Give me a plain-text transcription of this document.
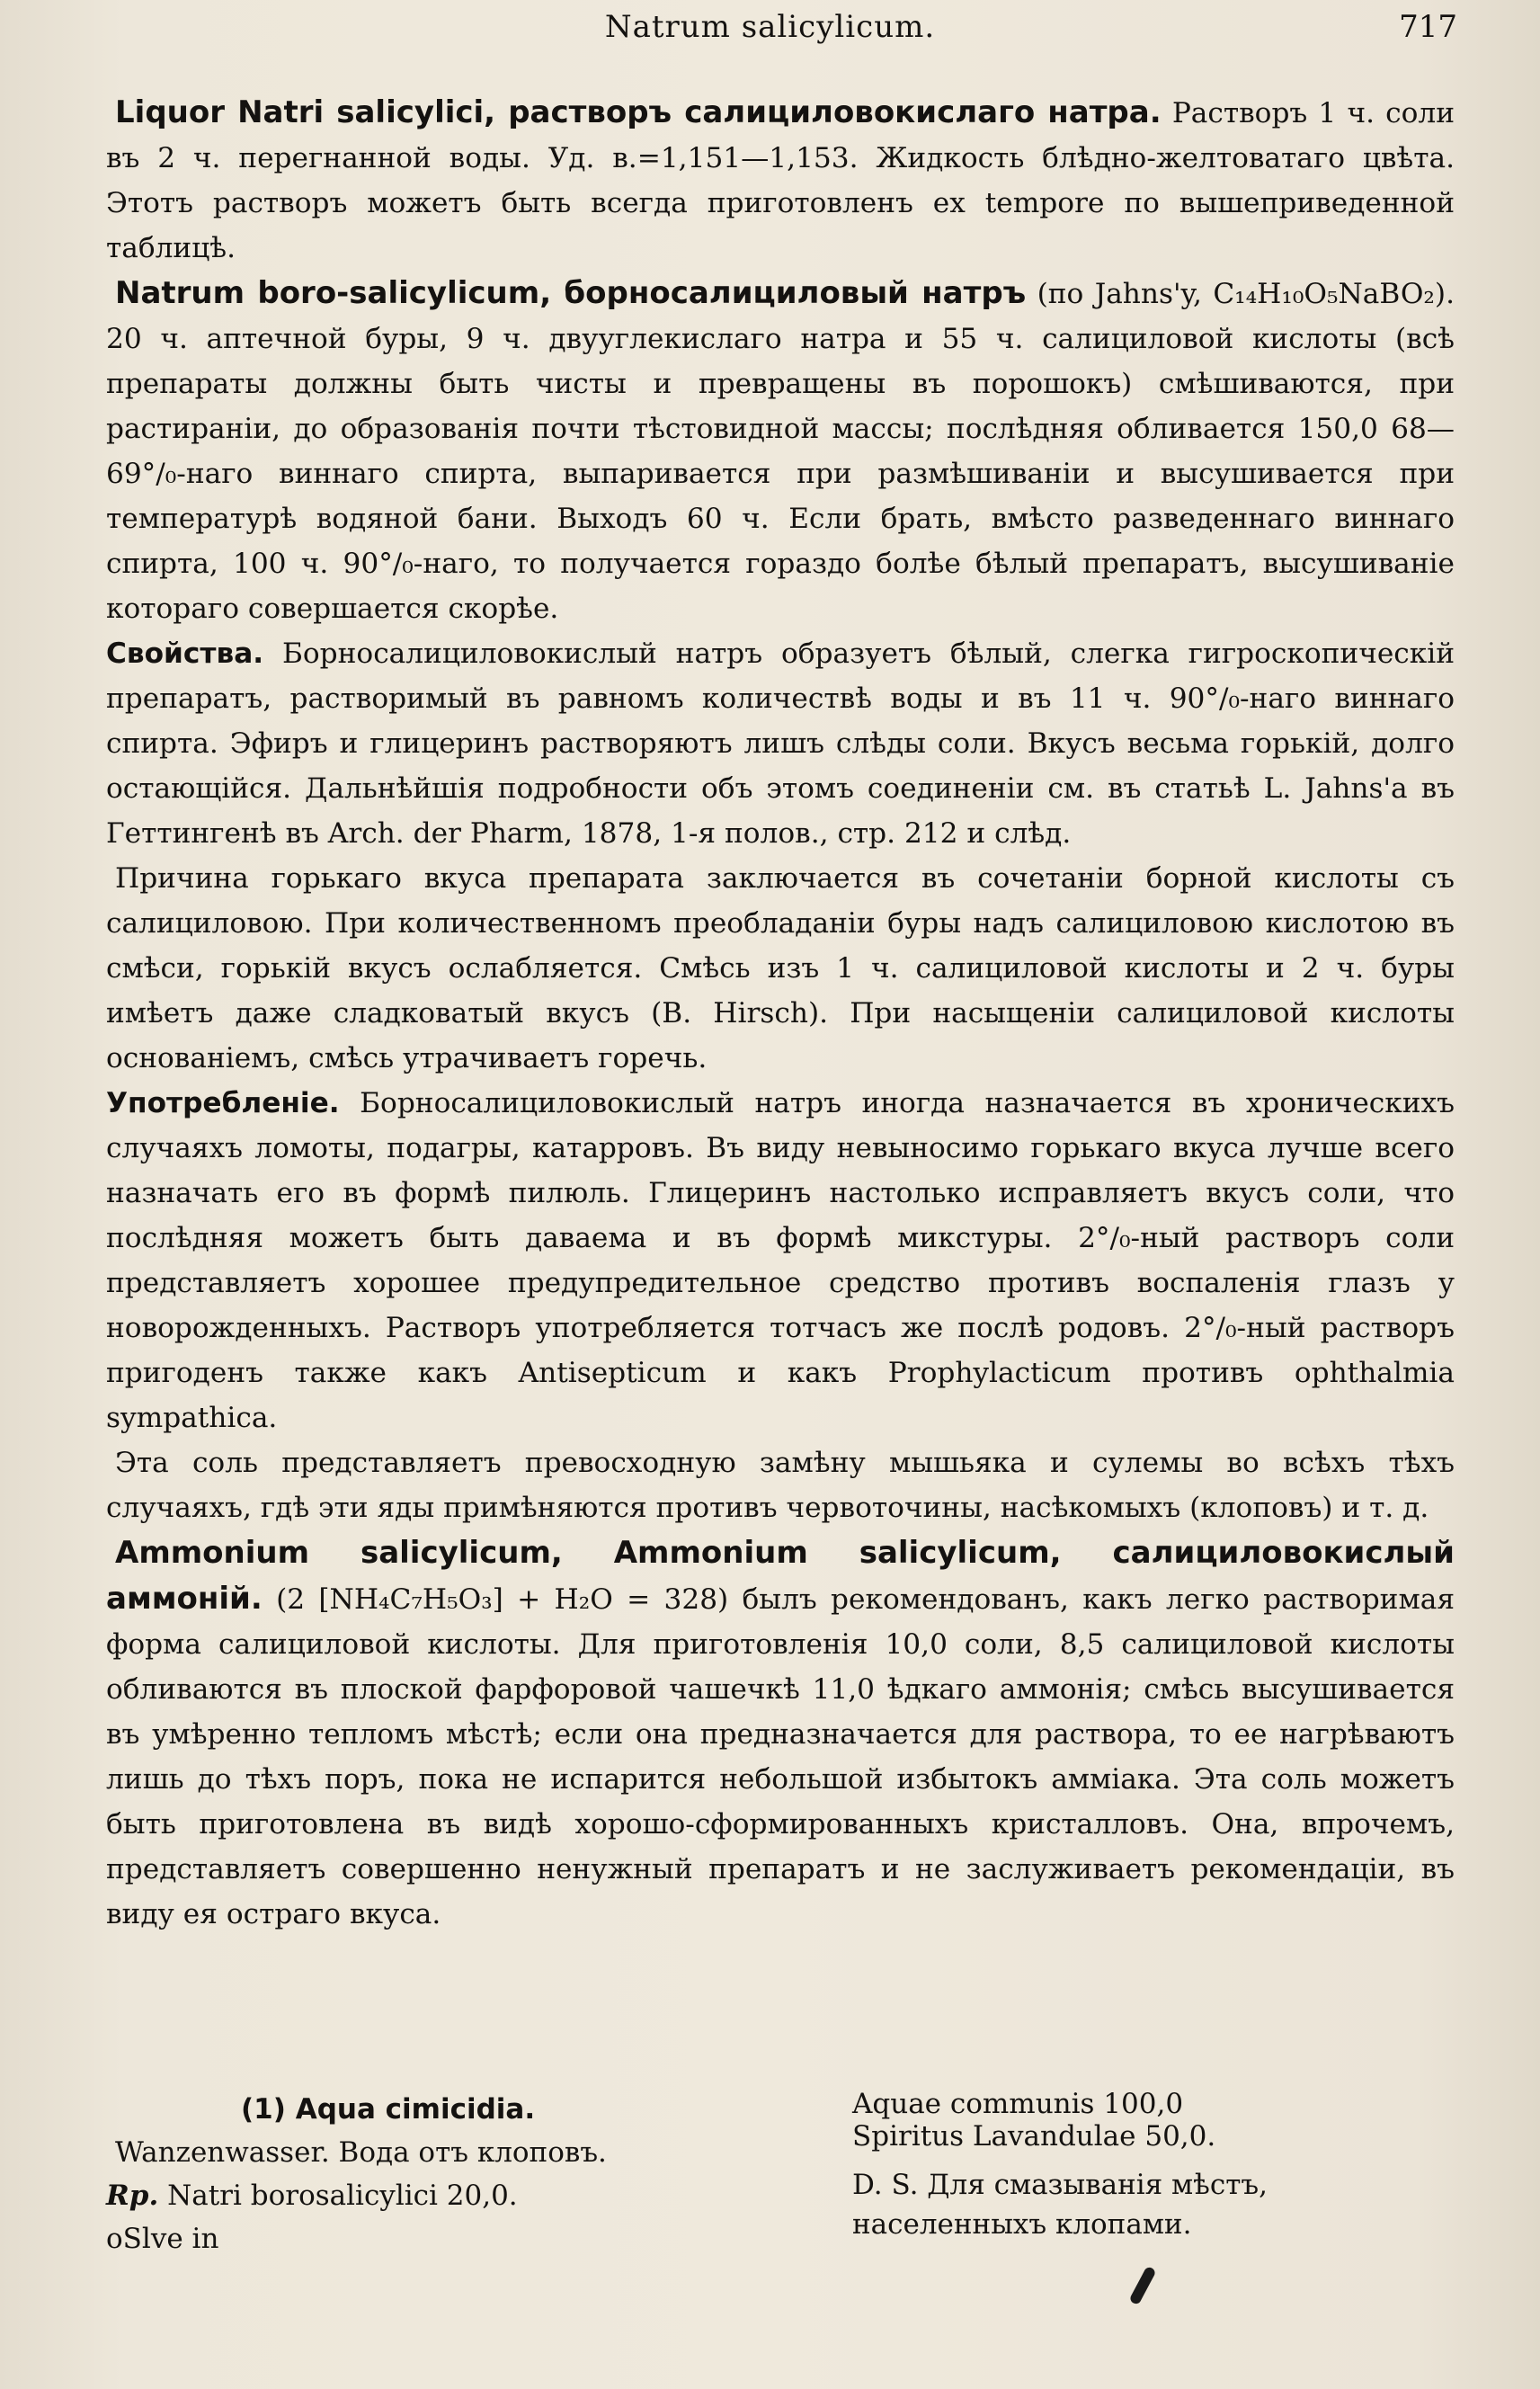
Natrum salicylicum.	717

Liquor Natri salicylici, растворъ салициловокислаго натра. Растворъ 1 ч. соли въ 2 ч. перегнанной воды. Уд. в.=1,151—1,153. Жидкость блѣдно-желтоватаго цвѣта. Этотъ растворъ можетъ быть всегда приготовленъ ex tempore по вышеприведенной таблицѣ.

Natrum boro-salicylicum, борносалициловый натръ (по Jahns'y, C₁₄H₁₀O₅NaBO₂). 20 ч. аптечной буры, 9 ч. двууглекислаго натра и 55 ч. салициловой кислоты (всѣ препараты должны быть чисты и превращены въ порошокъ) смѣшиваются, при растиранiи, до образованiя почти тѣстовидной массы; послѣдняя обливается 150,0 68—69°/₀-наго виннаго спирта, выпаривается при размѣшиванiи и высушивается при температурѣ водяной бани. Выходъ 60 ч. Если брать, вмѣсто разведеннаго виннаго спирта, 100 ч. 90°/₀-наго, то получается гораздо болѣе бѣлый препаратъ, высушиванiе котораго совершается скорѣе.

Свойства. Борносалициловокислый натръ образуетъ бѣлый, слегка гигроскопическiй препаратъ, растворимый въ равномъ количествѣ воды и въ 11 ч. 90°/₀-наго виннаго спирта. Эфиръ и глицеринъ растворяютъ лишъ слѣды соли. Вкусъ весьма горькiй, долго остающiйся. Дальнѣйшiя подробности объ этомъ соединенiи см. въ статьѣ L. Jahns'a въ Геттингенѣ въ Arch. der Pharm, 1878, 1-я полов., стр. 212 и слѣд.

Причина горькаго вкуса препарата заключается въ сочетанiи борной кислоты съ салициловою. При количественномъ преобладанiи буры надъ салициловою кислотою въ смѣси, горькiй вкусъ ослабляется. Смѣсь изъ 1 ч. салициловой кислоты и 2 ч. буры имѣетъ даже сладковатый вкусъ (B. Hirsch). При насыщенiи салициловой кислоты основанiемъ, смѣсь утрачиваетъ горечь.

Употребленiе. Борносалициловокислый натръ иногда назначается въ хроническихъ случаяхъ ломоты, подагры, катарровъ. Въ виду невыносимо горькаго вкуса лучше всего назначать его въ формѣ пилюль. Глицеринъ настолько исправляетъ вкусъ соли, что послѣдняя можетъ быть даваема и въ формѣ микстуры. 2°/₀-ный растворъ соли представляетъ хорошее предупредительное средство противъ воспаленiя глазъ у новорожденныхъ. Растворъ употребляется тотчасъ же послѣ родовъ. 2°/₀-ный растворъ пригоденъ также какъ Antisepticum и какъ Prophylacticum противъ ophthalmia sympathica.

Эта соль представляетъ превосходную замѣну мышьяка и сулемы во всѣхъ тѣхъ случаяхъ, гдѣ эти яды примѣняются противъ червоточины, насѣкомыхъ (клоповъ) и т. д.

Ammonium salicylicum, Ammonium salicylicum, салициловокислый аммонiй. (2 [NH₄C₇H₅O₃] + H₂O = 328) былъ рекомендованъ, какъ легко растворимая форма салициловой кислоты. Для приготовленiя 10,0 соли, 8,5 салициловой кислоты обливаются въ плоской фарфоровой чашечкѣ 11,0 ѣдкаго аммонiя; смѣсь высушивается въ умѣренно тепломъ мѣстѣ; если она предназначается для раствора, то ее нагрѣваютъ лишь до тѣхъ поръ, пока не испарится небольшой избытокъ амміака. Эта соль можетъ быть приготовлена въ видѣ хорошо-сформированныхъ кристалловъ. Она, впрочемъ, представляетъ совершенно ненужный препаратъ и не заслуживаетъ рекомендацiи, въ виду ея остраго вкуса.

(1) Aqua cimicidia.
Wanzenwasser. Вода отъ клоповъ.
Rp. Natri borosalicylici 20,0.
oSlve in
Aquae communis 100,0
Spiritus Lavandulae 50,0.
D. S. Для смазыванія мѣстъ, населенныхъ клопами.
